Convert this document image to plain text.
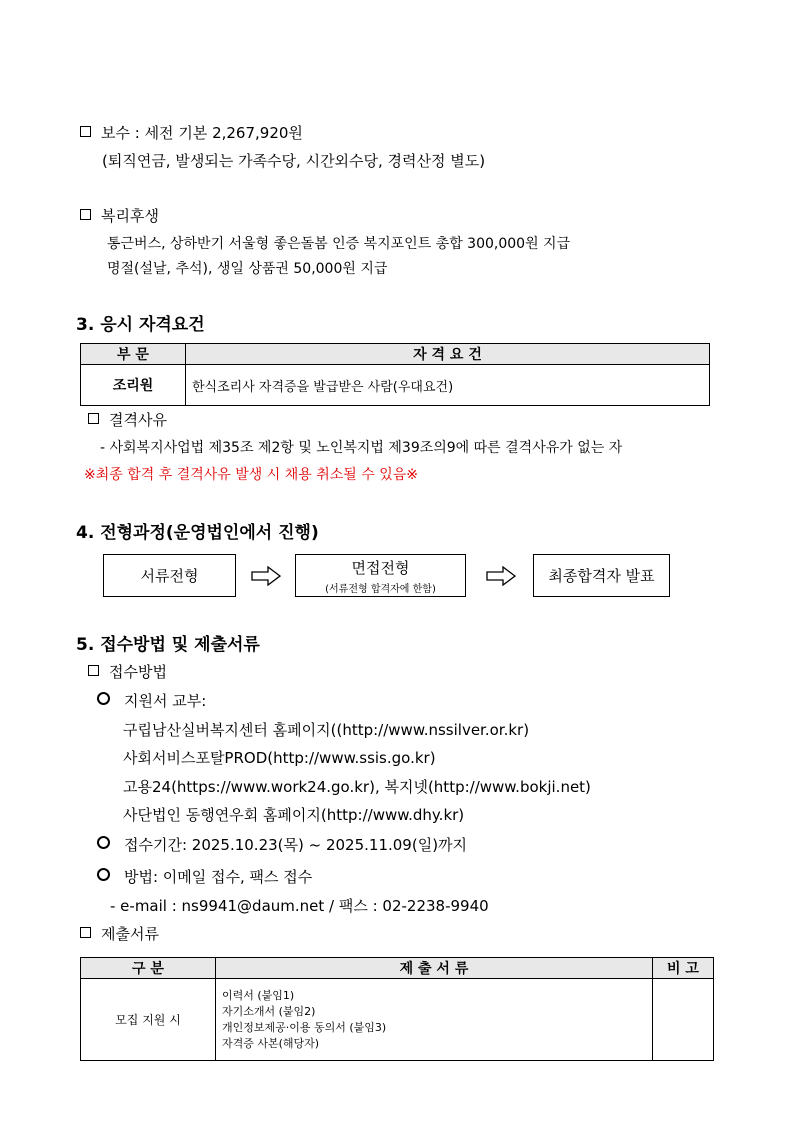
보수 : 세전 기본 2,267,920원
(퇴직연금, 발생되는 가족수당, 시간외수당, 경력산정 별도)
복리후생
통근버스, 상하반기 서울형 좋은돌봄 인증 복지포인트 총합 300,000원 지급
명절(설날, 추석), 생일 상품권 50,000원 지급
3. 응시 자격요건
부 문	자 격 요 건
조리원	한식조리사 자격증을 발급받은 사람(우대요건)
결격사유
- 사회복지사업법 제35조 제2항 및 노인복지법 제39조의9에 따른 결격사유가 없는 자
※최종 합격 후 결격사유 발생 시 채용 취소될 수 있음※
4. 전형과정(운영법인에서 진행)
서류전형	면접전형
(서류전형 합격자에 한함)
최종합격자 발표
5. 접수방법 및 제출서류
접수방법
지원서 교부:
구립남산실버복지센터 홈페이지((http://www.nssilver.or.kr)
사회서비스포탈PROD(http://www.ssis.go.kr)
고용24(https://www.work24.go.kr), 복지넷(http://www.bokji.net)
사단법인 동행연우회 홈페이지(http://www.dhy.kr)
접수기간: 2025.10.23(목) ~ 2025.11.09(일)까지
방법: 이메일 접수, 팩스 접수
- e-mail : ns9941@daum.net / 팩스 : 02-2238-9940
제출서류
구 분	제 출 서 류	비 고
모집 지원 시	이력서 (붙임1)
자기소개서 (붙임2)
개인정보제공·이용 동의서 (붙임3)
자격증 사본(해당자)	
